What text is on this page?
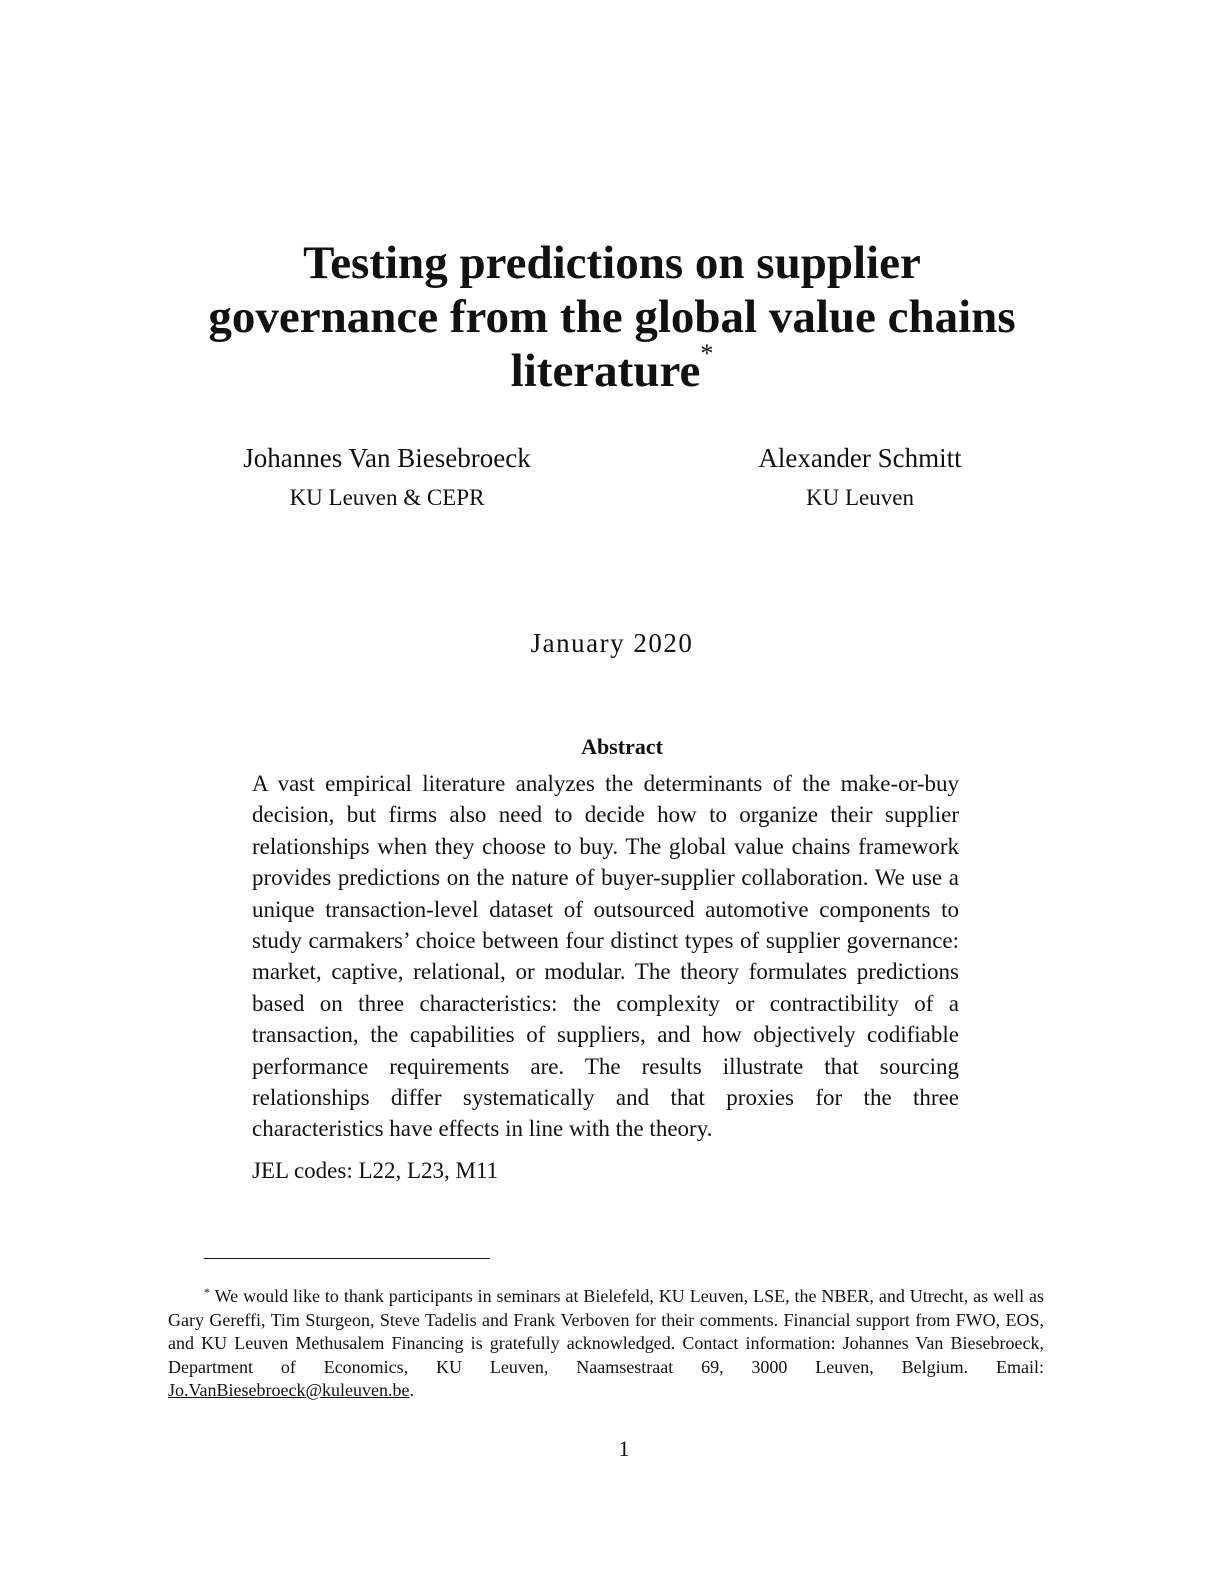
Testing predictions on supplier
governance from the global value chains
literature*
Johannes Van Biesebroeck
KU Leuven & CEPR
Alexander Schmitt
KU Leuven
January 2020
Abstract

A vast empirical literature analyzes the determinants of the make-or-buy decision, but firms also need to decide how to organize their supplier relationships when they choose to buy. The global value chains framework provides predictions on the nature of buyer-supplier collaboration. We use a unique transaction-level dataset of outsourced automotive components to study carmakers’ choice between four distinct types of supplier governance: market, captive, relational, or modular. The theory formulates predictions based on three characteristics: the complexity or contractibility of a transaction, the capabilities of suppliers, and how objectively codifiable performance requirements are. The results illustrate that sourcing relationships differ systematically and that proxies for the three characteristics have effects in line with the theory.

JEL codes: L22, L23, M11

* We would like to thank participants in seminars at Bielefeld, KU Leuven, LSE, the NBER, and Utrecht, as well as Gary Gereffi, Tim Sturgeon, Steve Tadelis and Frank Verboven for their comments. Financial support from FWO, EOS, and KU Leuven Methusalem Financing is gratefully acknowledged. Contact information: Johannes Van Biesebroeck, Department of Economics, KU Leuven, Naamsestraat 69, 3000 Leuven, Belgium. Email: Jo.VanBiesebroeck@kuleuven.be.

1
